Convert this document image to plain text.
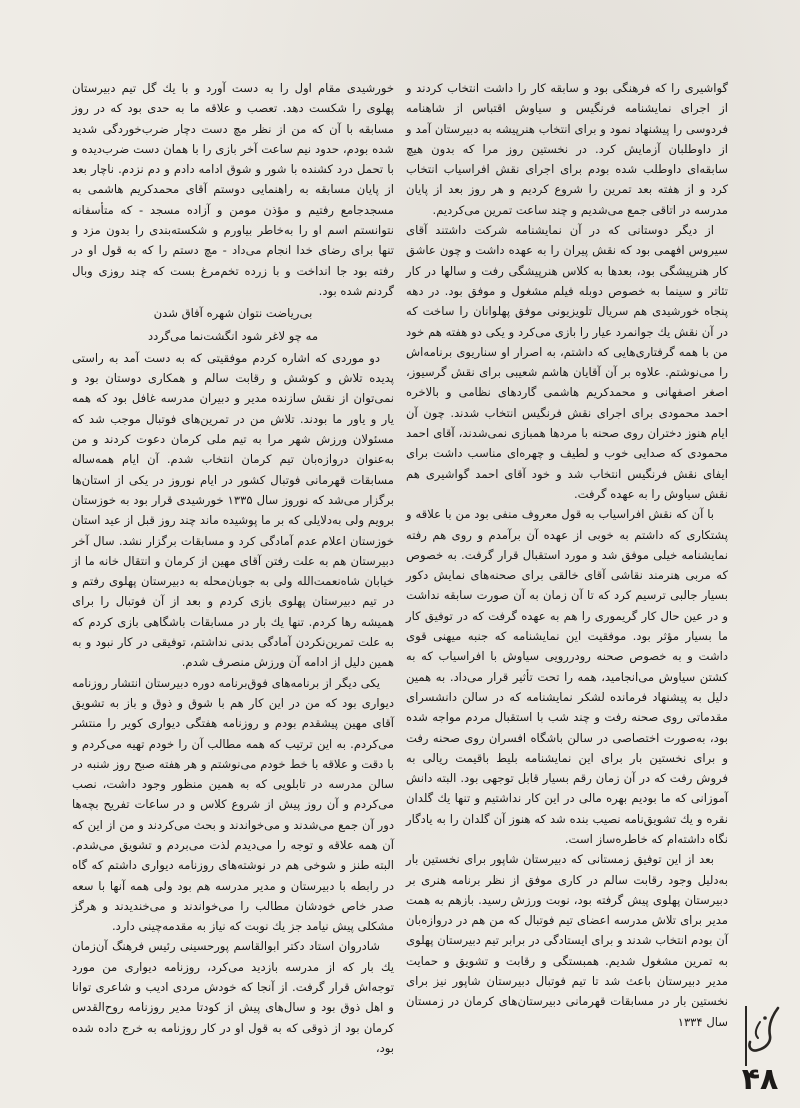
گواشیری را که فرهنگی بود و سابقه کار را داشت انتخاب کردند و از اجرای نمایشنامه فرنگیس و سیاوش اقتباس از شاهنامه فردوسی را پیشنهاد نمود و برای انتخاب هنرپیشه به دبیرستان آمد و از داوطلبان آزمایش کرد. در نخستین روز مرا که بدون هیچ سابقه‌ای داوطلب شده بودم برای اجرای نقش افراسیاب انتخاب کرد و از هفته بعد تمرین را شروع کردیم و هر روز بعد از پایان مدرسه در اتاقی جمع می‌شدیم و چند ساعت تمرین می‌کردیم.

از دیگر دوستانی که در آن نمایشنامه شرکت داشتند آقای سیروس افهمی بود که نقش پیران را به عهده داشت و چون عاشق کار هنرپیشگی بود، بعدها به کلاس هنرپیشگی رفت و سالها در کار تئاتر و سینما به خصوص دوبله فیلم مشغول و موفق بود. در دهه پنجاه خورشیدی هم سریال تلویزیونی موفق پهلوانان را ساخت که در آن نقش یك جوانمرد عیار را بازی می‌کرد و یکی دو هفته هم خود من با همه گرفتاری‌هایی که داشتم، به اصرار او سناریوی برنامه‌اش را می‌نوشتم. علاوه بر آن آقایان هاشم شعیبی برای نقش گرسیوز، اصغر اصفهانی و محمدکریم هاشمی گاردهای نظامی و بالاخره احمد محمودی برای اجرای نقش فرنگیس انتخاب شدند. چون آن ایام هنوز دختران روی صحنه با مردها همبازی نمی‌شدند، آقای احمد محمودی که صدایی خوب و لطیف و چهره‌ای مناسب داشت برای ایفای نقش فرنگیس انتخاب شد و خود آقای احمد گواشیری هم نقش سیاوش را به عهده گرفت.

با آن که نقش افراسیاب به قول معروف منفی بود من با علاقه و پشتکاری که داشتم به خوبی از عهده آن برآمدم و روی هم رفته نمایشنامه خیلی موفق شد و مورد استقبال قرار گرفت. به خصوص که مربی هنرمند نقاشی آقای خالقی برای صحنه‌های نمایش دکور بسیار جالبی ترسیم کرد که تا آن زمان به آن صورت سابقه نداشت و در عین حال کار گریموری را هم به عهده گرفت که در توفیق کار ما بسیار مؤثر بود. موفقیت این نمایشنامه که جنبه میهنی قوی داشت و به خصوص صحنه رودررویی سیاوش با افراسیاب که به کشتن سیاوش می‌انجامید، همه را تحت تأثیر قرار می‌داد. به همین دلیل به پیشنهاد فرمانده لشکر نمایشنامه که در سالن دانشسرای مقدماتی روی صحنه رفت و چند شب با استقبال مردم مواجه شده بود، به‌صورت اختصاصی در سالن باشگاه افسران روی صحنه رفت و برای نخستین بار برای این نمایشنامه بلیط باقیمت ریالی به فروش رفت که در آن زمان رقم بسیار قابل توجهی بود. البته دانش آموزانی که ما بودیم بهره مالی در این کار نداشتیم و تنها یك گلدان نقره و یك تشویق‌نامه نصیب بنده شد که هنوز آن گلدان را به یادگار نگاه داشته‌ام که خاطره‌ساز است.

بعد از این توفیق زمستانی که دبیرستان شاپور برای نخستین بار به‌دلیل وجود رقابت سالم در کاری موفق از نظر برنامه هنری بر دبیرستان پهلوی پیش گرفته بود، نوبت ورزش رسید. بازهم به همت مدیر برای تلاش مدرسه اعضای تیم فوتبال که من هم در دروازه‌بان آن بودم انتخاب شدند و برای ایستادگی در برابر تیم دبیرستان پهلوی به تمرین مشغول شدیم. همبستگی و رقابت و تشویق و حمایت مدیر دبیرستان باعث شد تا تیم فوتبال دبیرستان شاپور نیز برای نخستین بار در مسابقات قهرمانی دبیرستان‌های کرمان در زمستان سال ۱۳۳۴

خورشیدی مقام اول را به دست آورد و با یك گل تیم دبیرستان پهلوی را شکست دهد. تعصب و علاقه ما به حدی بود که در روز مسابقه با آن که من از نظر مچ دست دچار ضرب‌خوردگی شدید شده بودم، حدود نیم ساعت آخر بازی را با همان دست ضرب‌دیده و با تحمل درد کشنده با شور و شوق ادامه دادم و دم نزدم. ناچار بعد از پایان مسابقه به راهنمایی دوستم آقای محمدکریم هاشمی به مسجدجامع رفتیم و مؤذن مومن و آزاده مسجد - که متأسفانه نتوانستم اسم او را به‌خاطر بیاورم و شکسته‌بندی را بدون مزد و تنها برای رضای خدا انجام می‌داد - مچ دستم را که به قول او در رفته بود جا انداخت و با زرده تخم‌مرغ بست که چند روزی وبال گردنم شده بود.

بی‌ریاضت نتوان شهره آفاق شدن
مه چو لاغر شود انگشت‌نما می‌گردد

دو موردی که اشاره کردم موفقیتی که به دست آمد به راستی پدیده تلاش و کوشش و رقابت سالم و همکاری دوستان بود و نمی‌توان از نقش سازنده مدیر و دبیران مدرسه غافل بود که همه یار و یاور ما بودند. تلاش من در تمرین‌های فوتبال موجب شد که مسئولان ورزش شهر مرا به تیم ملی کرمان دعوت کردند و من به‌عنوان دروازه‌بان تیم کرمان انتخاب شدم. آن ایام همه‌ساله مسابقات قهرمانی فوتبال کشور در ایام نوروز در یکی از استان‌ها برگزار می‌شد که نوروز سال ۱۳۳۵ خورشیدی قرار بود به خوزستان برویم ولی به‌دلایلی که بر ما پوشیده ماند چند روز قبل از عید استان خوزستان اعلام عدم آمادگی کرد و مسابقات برگزار نشد. سال آخر دبیرستان هم به علت رفتن آقای مهین از کرمان و انتقال خانه ما از خیابان شاه‌نعمت‌الله ولی به جوبان‌محله به دبیرستان پهلوی رفتم و در تیم دبیرستان پهلوی بازی کردم و بعد از آن فوتبال را برای همیشه رها کردم. تنها یك بار در مسابقات باشگاهی بازی کردم که به علت تمرین‌نکردن آمادگی بدنی نداشتم، توفیقی در کار نبود و به همین دلیل از ادامه آن ورزش منصرف شدم.

یکی دیگر از برنامه‌های فوق‌برنامه دوره دبیرستان انتشار روزنامه دیواری بود که من در این کار هم با شوق و ذوق و باز به تشویق آقای مهین پیشقدم بودم و روزنامه هفتگی دیواری کویر را منتشر می‌کردم. به این ترتیب که همه مطالب آن را خودم تهیه می‌کردم و با دقت و علاقه با خط خودم می‌نوشتم و هر هفته صبح روز شنبه در سالن مدرسه در تابلویی که به همین منظور وجود داشت، نصب می‌کردم و آن روز پیش از شروع کلاس و در ساعات تفریح بچه‌ها دور آن جمع می‌شدند و می‌خواندند و بحث می‌کردند و من از این که آن همه علاقه و توجه را می‌دیدم لذت می‌بردم و تشویق می‌شدم. البته طنز و شوخی هم در نوشته‌های روزنامه دیواری داشتم که گاه در رابطه با دبیرستان و مدیر مدرسه هم بود ولی همه آنها با سعه صدر خاص خودشان مطالب را می‌خواندند و می‌خندیدند و هرگز مشکلی پیش نیامد جز یك نوبت که نیاز به مقدمه‌چینی دارد.

شادروان استاد دکتر ابوالقاسم پورحسینی رئیس فرهنگ آن‌زمان یك بار که از مدرسه بازدید می‌کرد، روزنامه دیواری من مورد توجه‌اش قرار گرفت. از آنجا که خودش مردی ادیب و شاعری توانا و اهل ذوق بود و سال‌های پیش از کودتا مدیر روزنامه روح‌القدس کرمان بود از ذوقی که به قول او در کار روزنامه به خرج داده شده بود،

۴۸
